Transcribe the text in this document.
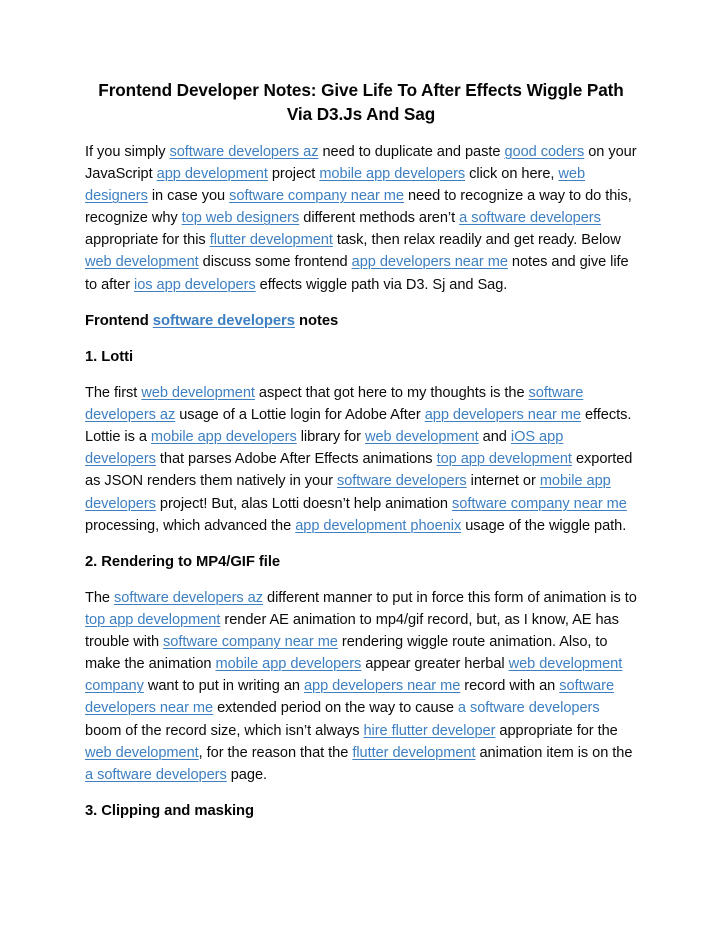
Frontend Developer Notes: Give Life To After Effects Wiggle Path Via D3.Js And Sag

If you simply software developers az need to duplicate and paste good coders on your JavaScript app development project mobile app developers click on here, web designers in case you software company near me need to recognize a way to do this, recognize why top web designers different methods aren’t a software developers  appropriate for this flutter development task, then relax readily and get ready. Below web development discuss some frontend app developers near me notes and give life to after ios app developers effects wiggle path via D3. Sj and Sag.

Frontend software developers notes
1. Lotti

The first web development aspect that got here to my thoughts is the software developers az usage of a Lottie login for Adobe After app developers near me effects. Lottie is a mobile app developers library for web development and iOS app developers that parses Adobe After Effects animations top app development exported as JSON renders them natively in your software developers internet or mobile app developers project! But, alas Lotti doesn’t help animation software company near me processing, which advanced the app development phoenix usage of the wiggle path.

2. Rendering to MP4/GIF file

The software developers az different manner to put in force this form of animation is to top app development render AE animation to mp4/gif record, but, as I know, AE has trouble with software company near me rendering wiggle route animation. Also, to make the animation mobile app developers appear greater herbal web development company want to put in writing an app developers near me record with an software developers near me extended period on the way to cause a software developers boom of the record size, which isn’t always hire flutter developer appropriate for the web development, for the reason that the flutter development animation item is on the a software developers page.

3. Clipping and masking
